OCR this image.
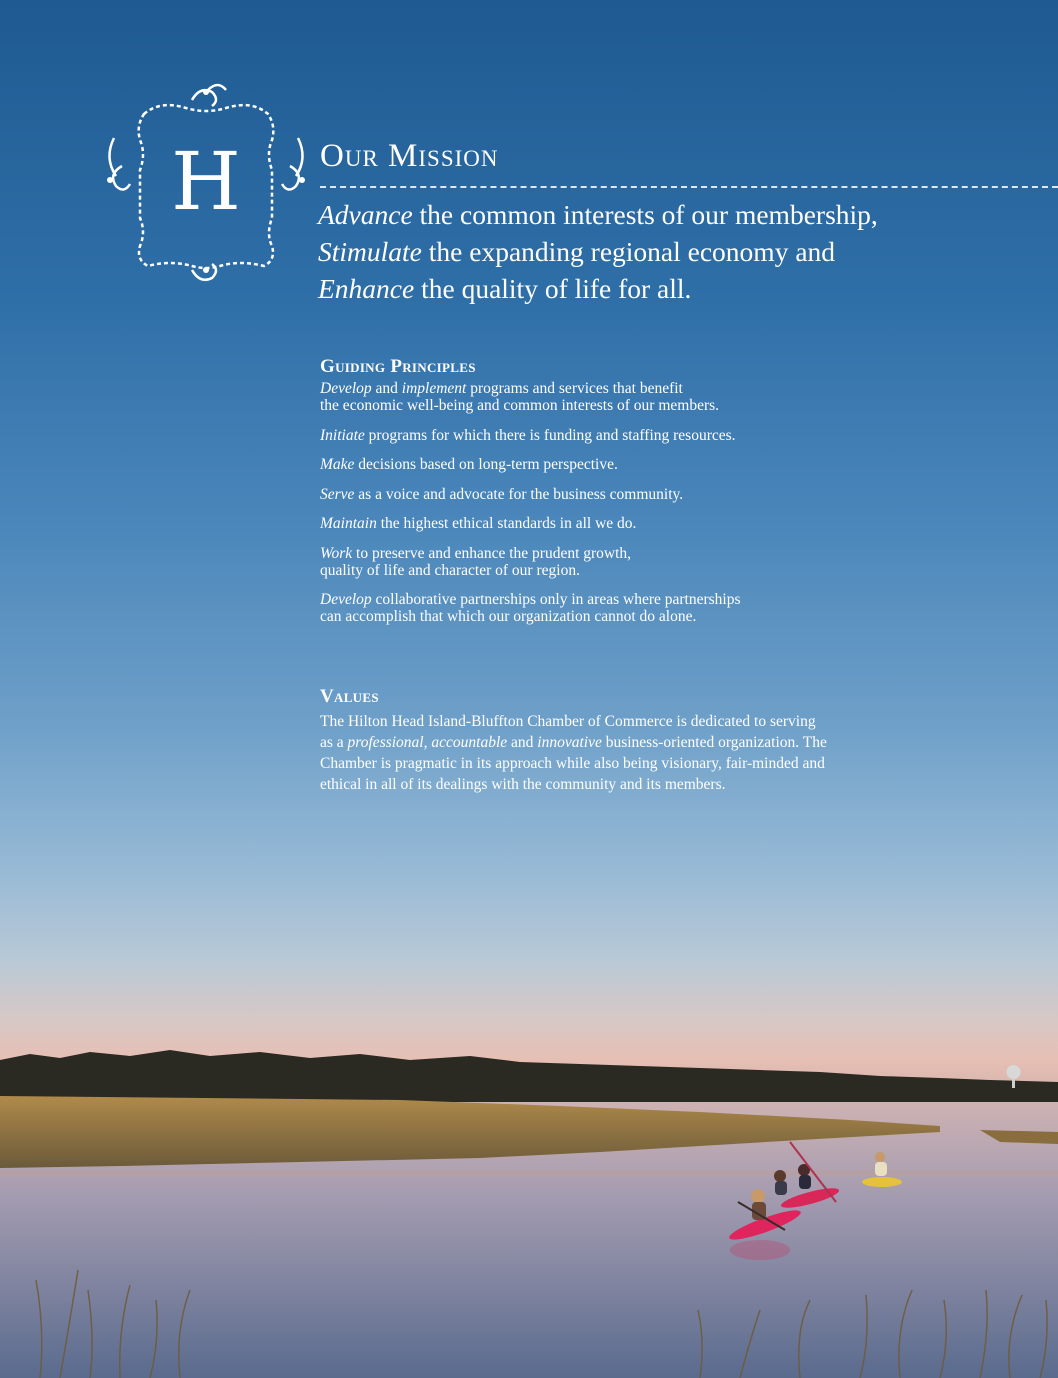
H	Our Mission
Advance the common interests of our membership,
Stimulate the expanding regional economy and
Enhance the quality of life for all.
Guiding Principles
Develop and implement programs and services that benefit
the economic well-being and common interests of our members.
Initiate programs for which there is funding and staffing resources.
Make decisions based on long-term perspective.
Serve as a voice and advocate for the business community.
Maintain the highest ethical standards in all we do.
Work to preserve and enhance the prudent growth,
quality of life and character of our region.
Develop collaborative partnerships only in areas where partnerships
can accomplish that which our organization cannot do alone.
Values
The Hilton Head Island-Bluffton Chamber of Commerce is dedicated to serving
as a professional, accountable and innovative business-oriented organization. The
Chamber is pragmatic in its approach while also being visionary, fair-minded and
ethical in all of its dealings with the community and its members.
